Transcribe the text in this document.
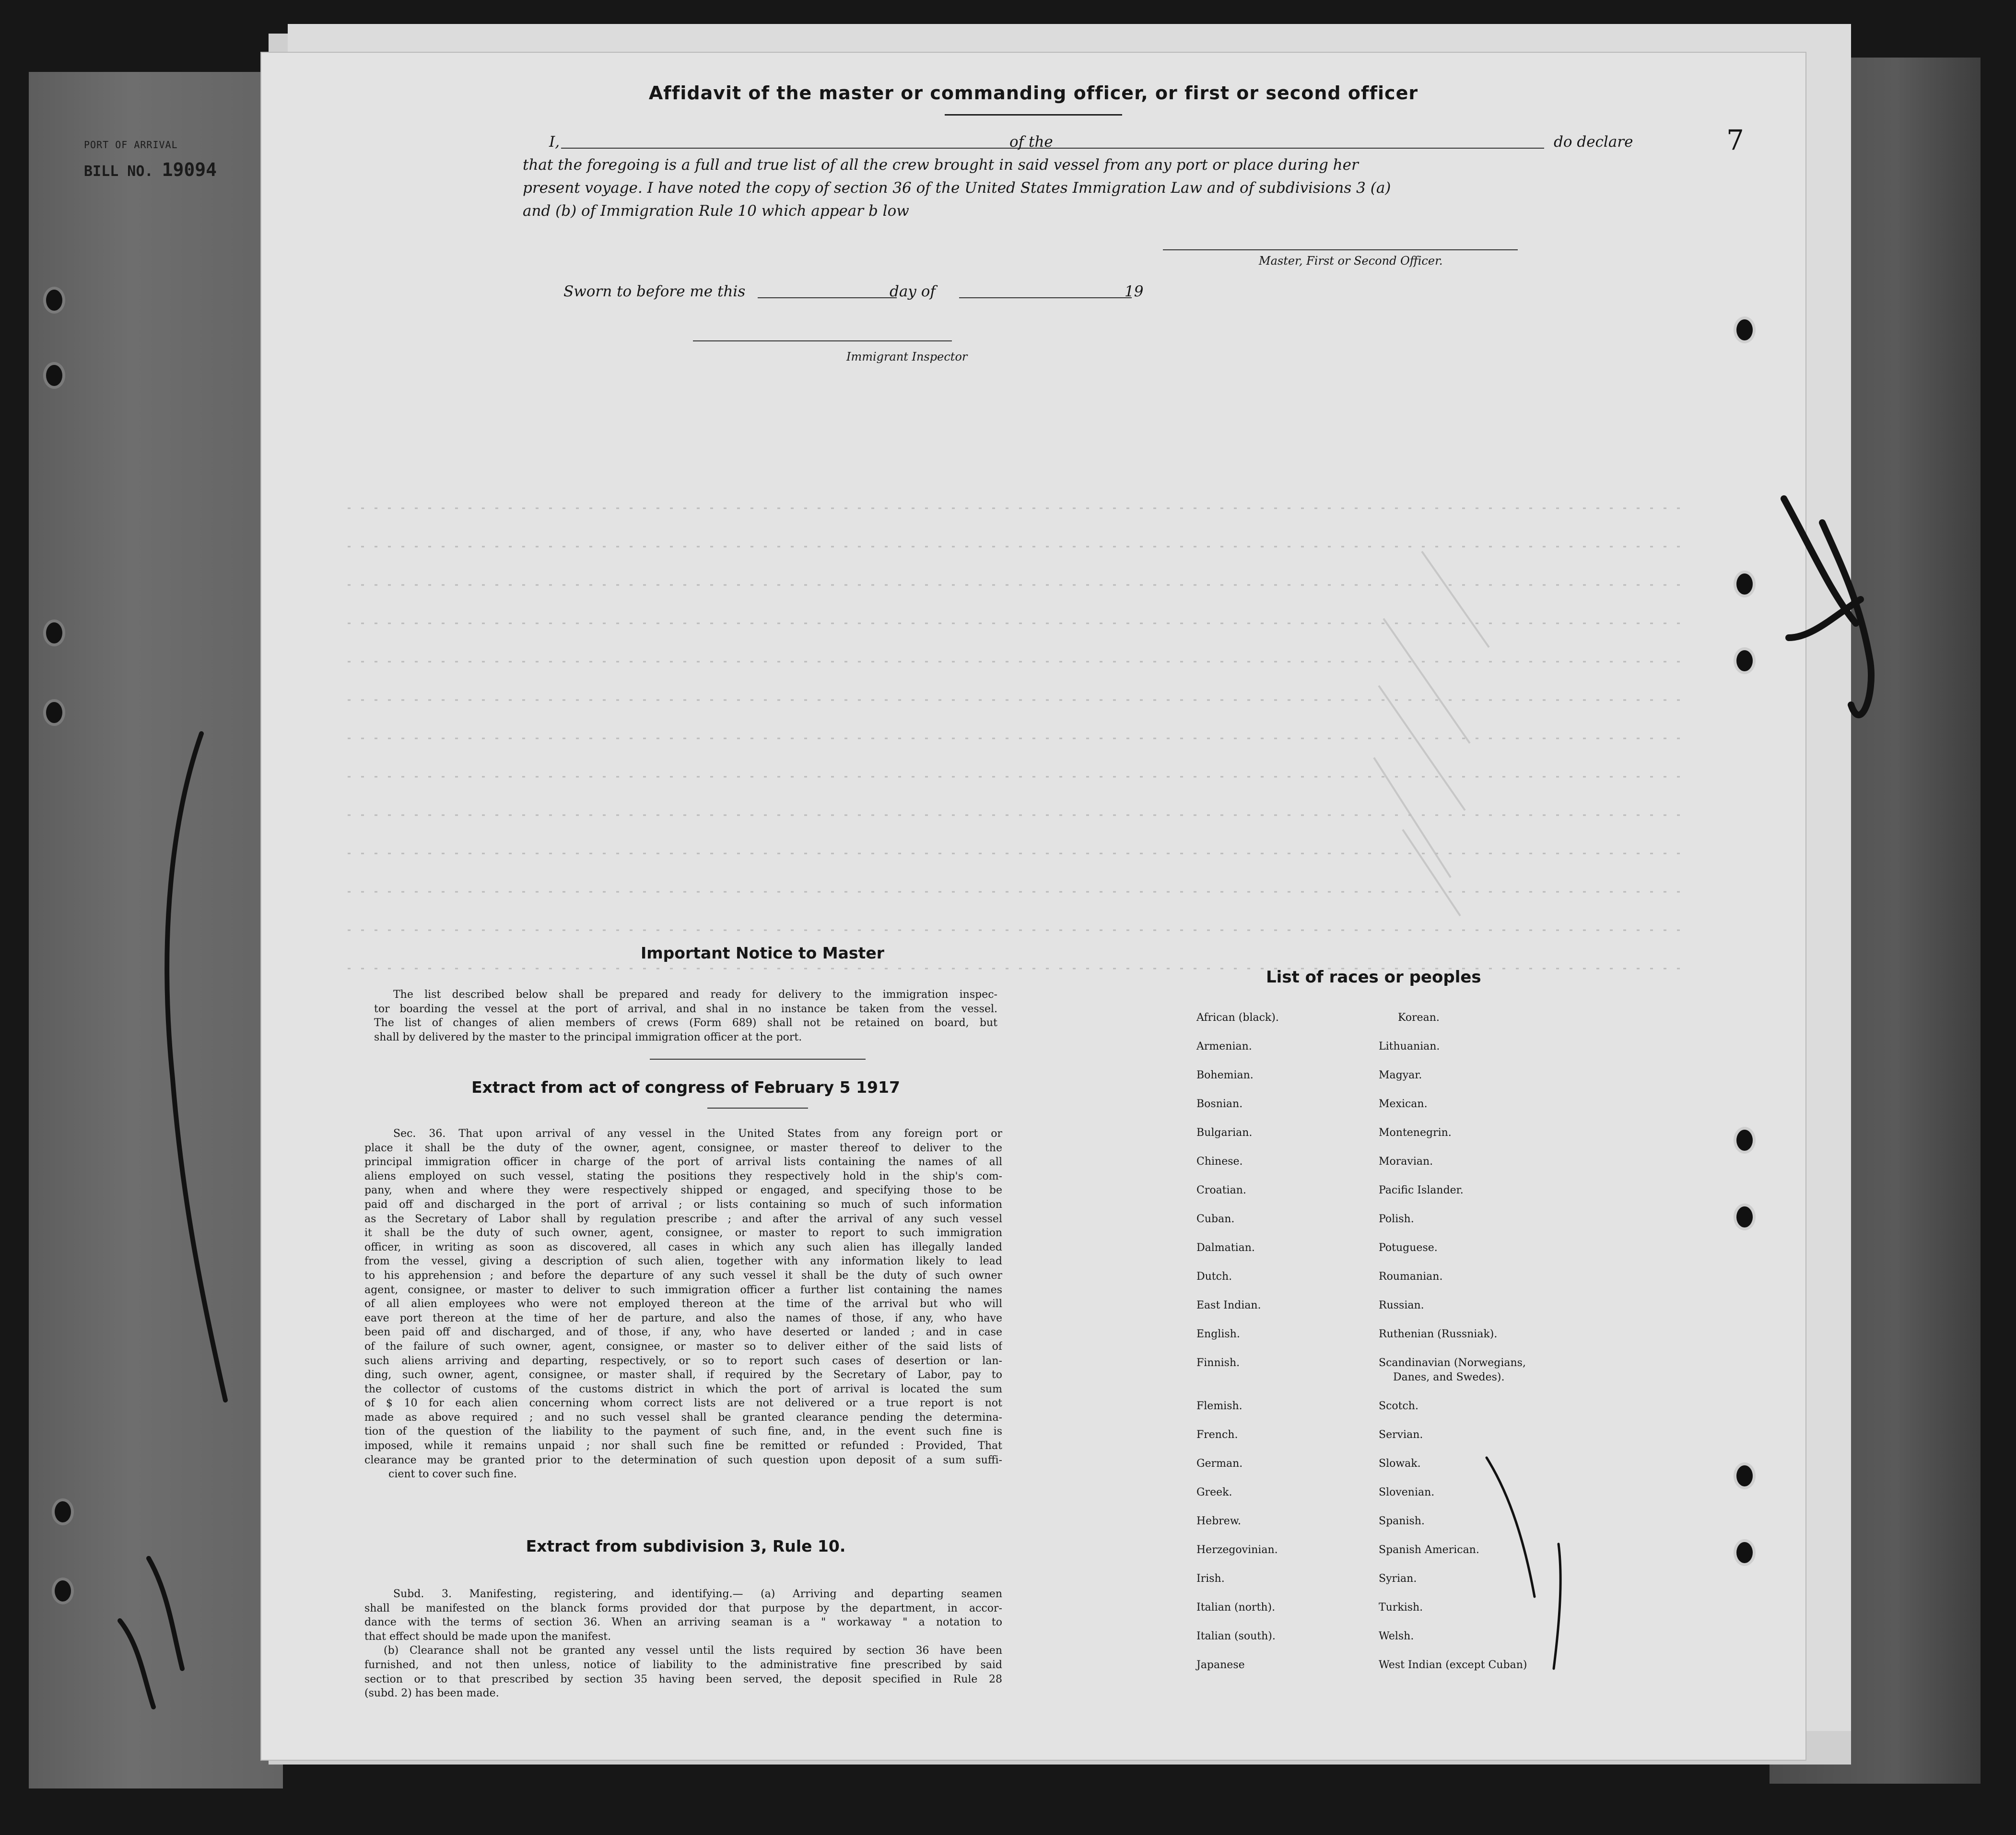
PORT OF ARRIVAL
BILL NO. 19094
Affidavit of the master or commanding officer, or first or second officer
I,	of the	do declare
that the foregoing is a full and true list of all the crew brought in said vessel from any port or place during her
present voyage. I have noted the copy of section 36 of the United States Immigration Law and of subdivisions 3 (a)
and (b) of Immigration Rule 10 which appear b low
Master, First or Second Officer.
Sworn to before me this	day of	19
Immigrant Inspector
Important Notice to Master
The list described below shall be prepared and ready for delivery to the immigration inspec-
tor boarding the vessel at the port of arrival, and shal in no instance be taken from the vessel.
The list of changes of alien members of crews (Form 689) shall not be retained on board, but
shall by delivered by the master to the principal immigration officer at the port.
Extract from act of congress of February 5 1917
Sec. 36. That upon arrival of any vessel in the United States from any foreign port or
place it shall be the duty of the owner, agent, consignee, or master thereof to deliver to the
principal immigration officer in charge of the port of arrival lists containing the names of all
aliens employed on such vessel, stating the positions they respectively hold in the ship's com-
pany, when and where they were respectively shipped or engaged, and specifying those to be
paid off and discharged in the port of arrival ; or lists containing so much of such information
as the Secretary of Labor shall by regulation prescribe ; and after the arrival of any such vessel
it shall be the duty of such owner, agent, consignee, or master to report to such immigration
officer, in writing as soon as discovered, all cases in which any such alien has illegally landed
from the vessel, giving a description of such alien, together with any information likely to lead
to his apprehension ; and before the departure of any such vessel it shall be the duty of such owner
agent, consignee, or master to deliver to such immigration officer a further list containing the names
of all alien employees who were not employed thereon at the time of the arrival but who will
eave port thereon at the time of her de parture, and also the names of those, if any, who have
been paid off and discharged, and of those, if any, who have deserted or landed ; and in case
of the failure of such owner, agent, consignee, or master so to deliver either of the said lists of
such aliens arriving and departing, respectively, or so to report such cases of desertion or lan-
ding, such owner, agent, consignee, or master shall, if required by the Secretary of Labor, pay to
the collector of customs of the customs district in which the port of arrival is located the sum
of $ 10 for each alien concerning whom correct lists are not delivered or a true report is not
made as above required ; and no such vessel shall be granted clearance pending the determina-
tion of the question of the liability to the payment of such fine, and, in the event such fine is
imposed, while it remains unpaid ; nor shall such fine be remitted or refunded : Provided, That
clearance may be granted prior to the determination of such question upon deposit of a sum suffi-
cient to cover such fine.
Extract from subdivision 3, Rule 10.
Subd. 3. Manifesting, registering, and identifying.— (a) Arriving and departing seamen
shall be manifested on the blanck forms provided dor that purpose by the department, in accor-
dance with the terms of section 36. When an arriving seaman is a " workaway " a notation to
that effect should be made upon the manifest.
(b) Clearance shall not be granted any vessel until the lists required by section 36 have been
furnished, and not then unless, notice of liability to the administrative fine prescribed by said
section or to that prescribed by section 35 having been served, the deposit specified in Rule 28
(subd. 2) has been made.
List of races or peoples
African (black).
Armenian.
Bohemian.
Bosnian.
Bulgarian.
Chinese.
Croatian.
Cuban.
Dalmatian.
Dutch.
East Indian.
English.
Finnish.
Flemish.
French.
German.
Greek.
Hebrew.
Herzegovinian.
Irish.
Italian (north).
Italian (south).
Japanese
Korean.
Lithuanian.
Magyar.
Mexican.
Montenegrin.
Moravian.
Pacific Islander.
Polish.
Potuguese.
Roumanian.
Russian.
Ruthenian (Russniak).
Scandinavian (Norwegians,
Danes, and Swedes).
Scotch.
Servian.
Slowak.
Slovenian.
Spanish.
Spanish American.
Syrian.
Turkish.
Welsh.
West Indian (except Cuban)
7
